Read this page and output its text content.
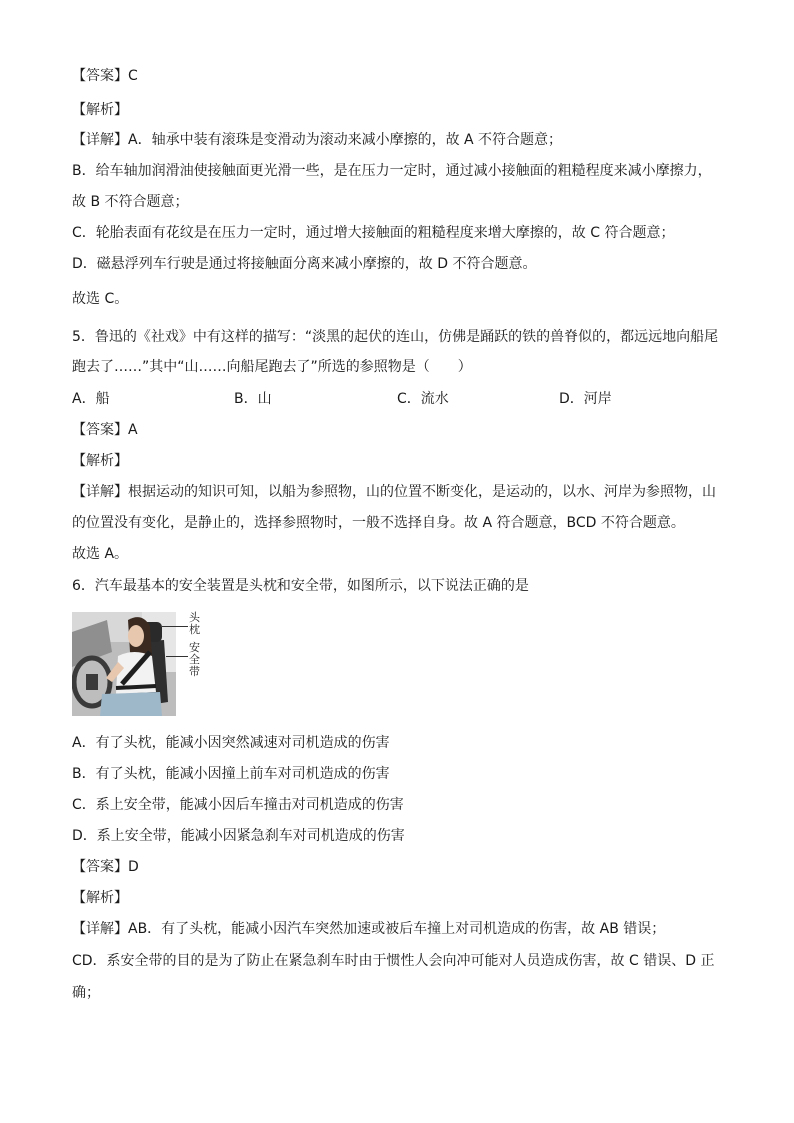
【答案】C
【解析】
【详解】A．轴承中装有滚珠是变滑动为滚动来减小摩擦的，故 A 不符合题意；
B．给车轴加润滑油使接触面更光滑一些，是在压力一定时，通过减小接触面的粗糙程度来减小摩擦力，
故 B 不符合题意；
C．轮胎表面有花纹是在压力一定时，通过增大接触面的粗糙程度来增大摩擦的，故 C 符合题意；
D．磁悬浮列车行驶是通过将接触面分离来减小摩擦的，故 D 不符合题意。
故选 C。
5．鲁迅的《社戏》中有这样的描写：“淡黑的起伏的连山，仿佛是踊跃的铁的兽脊似的，都远远地向船尾
跑去了……”其中“山……向船尾跑去了”所选的参照物是（　　）
A．船	B．山	C．流水	D．河岸
【答案】A
【解析】
【详解】根据运动的知识可知，以船为参照物，山的位置不断变化，是运动的，以水、河岸为参照物，山
的位置没有变化，是静止的，选择参照物时，一般不选择自身。故 A 符合题意，BCD 不符合题意。
故选 A。
6．汽车最基本的安全装置是头枕和安全带，如图所示，以下说法正确的是
头枕
安全带
A．有了头枕，能减小因突然减速对司机造成的伤害
B．有了头枕，能减小因撞上前车对司机造成的伤害
C．系上安全带，能减小因后车撞击对司机造成的伤害
D．系上安全带，能减小因紧急刹车对司机造成的伤害
【答案】D
【解析】
【详解】AB．有了头枕，能减小因汽车突然加速或被后车撞上对司机造成的伤害，故 AB 错误；
CD．系安全带的目的是为了防止在紧急刹车时由于惯性人会向冲可能对人员造成伤害，故 C 错误、D 正
确；
